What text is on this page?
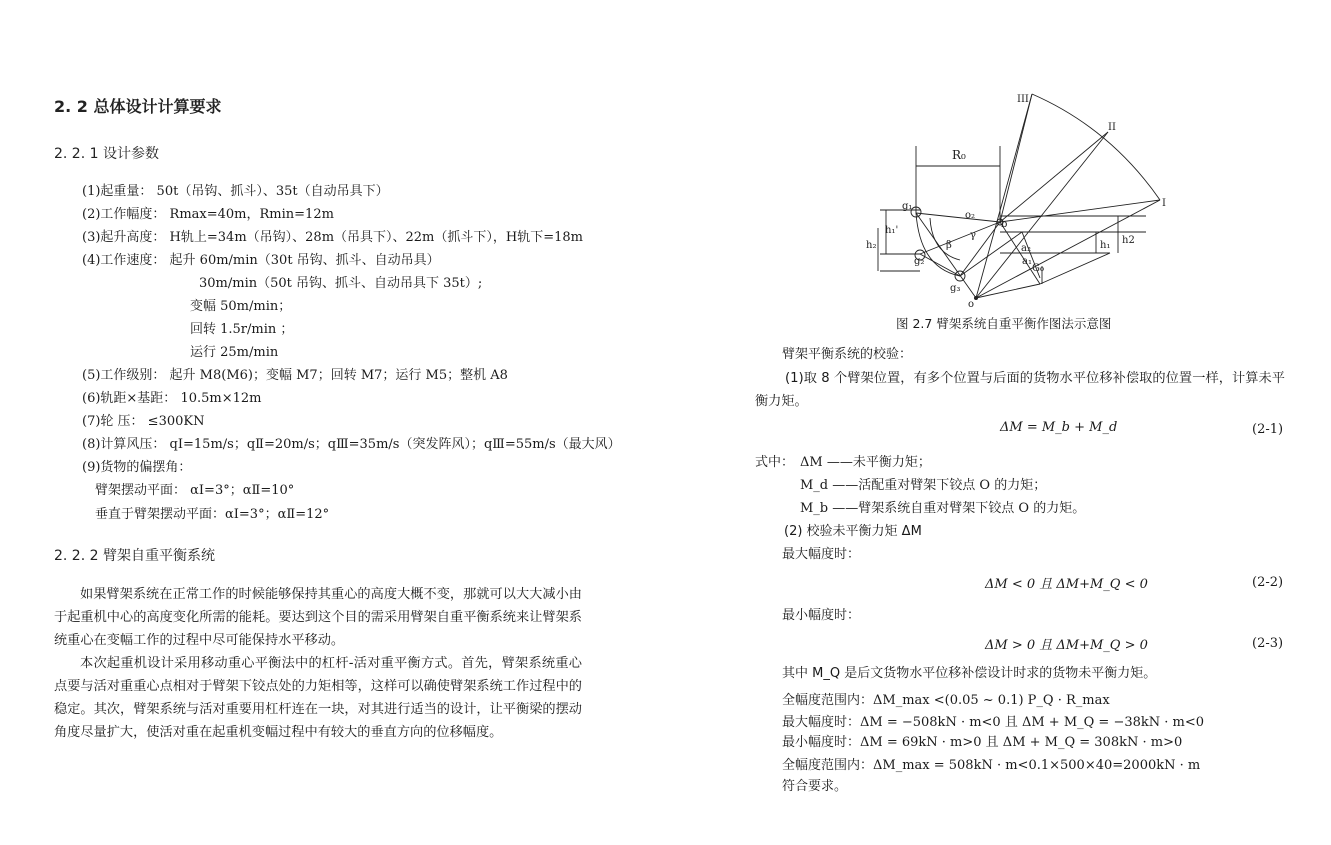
2. 2 总体设计计算要求
2. 2. 1 设计参数
(1)起重量： 50t（吊钩、抓斗）、35t（自动吊具下）
(2)工作幅度： Rmax=40m，Rmin=12m
(3)起升高度： H轨上=34m（吊钩）、28m（吊具下）、22m（抓斗下），H轨下=18m
(4)工作速度： 起升 60m/min（30t 吊钩、抓斗、自动吊具）
30m/min（50t 吊钩、抓斗、自动吊具下 35t）;
变幅 50m/min；
回转 1.5r/min ；
运行 25m/min
(5)工作级别： 起升 M8(M6)；变幅 M7；回转 M7；运行 M5；整机 A8
(6)轨距×基距： 10.5m×12m
(7)轮 压： ≤300KN
(8)计算风压： qⅠ=15m/s；qⅡ=20m/s；qⅢ=35m/s（突发阵风）；qⅢ=55m/s（最大风）
(9)货物的偏摆角：
臂架摆动平面： αⅠ=3°；αⅡ=10°
垂直于臂架摆动平面：αⅠ=3°；αⅡ=12°
2. 2. 2 臂架自重平衡系统
如果臂架系统在正常工作的时候能够保持其重心的高度大概不变，那就可以大大减小由于起重机中心的高度变化所需的能耗。要达到这个目的需采用臂架自重平衡系统来让臂架系统重心在变幅工作的过程中尽可能保持水平移动。
本次起重机设计采用移动重心平衡法中的杠杆-活对重平衡方式。首先，臂架系统重心点要与活对重重心点相对于臂架下铰点处的力矩相等，这样可以确使臂架系统工作过程中的稳定。其次，臂架系统与活对重要用杠杆连在一块，对其进行适当的设计，让平衡梁的摆动角度尽量扩大，使活对重在起重机变幅过程中有较大的垂直方向的位移幅度。
III
II
I
R₀
g₁
o₂
b
h₁'
h₂
g₂
g₃
o
a₂
a₁
G₀
h₁ h2
β
γ
图 2.7 臂架系统自重平衡作图法示意图
臂架平衡系统的校验：
(1)取 8 个臂架位置，有多个位置与后面的货物水平位移补偿取的位置一样，计算未平衡力矩。
ΔM = M_b + M_d	(2-1)
式中： ΔM ——未平衡力矩；
M_d ——活配重对臂架下铰点 O 的力矩；
M_b ——臂架系统自重对臂架下铰点 O 的力矩。
(2) 校验未平衡力矩 ΔM
最大幅度时：
ΔM < 0 且 ΔM+M_Q < 0	(2-2)
最小幅度时：
ΔM > 0 且 ΔM+M_Q > 0	(2-3)
其中 M_Q 是后文货物水平位移补偿设计时求的货物未平衡力矩。
全幅度范围内：ΔM_max <(0.05 ~ 0.1) P_Q · R_max
最大幅度时：ΔM = −508kN · m<0 且 ΔM + M_Q = −38kN · m<0
最小幅度时：ΔM = 69kN · m>0 且 ΔM + M_Q = 308kN · m>0
全幅度范围内：ΔM_max = 508kN · m<0.1×500×40=2000kN · m
符合要求。
